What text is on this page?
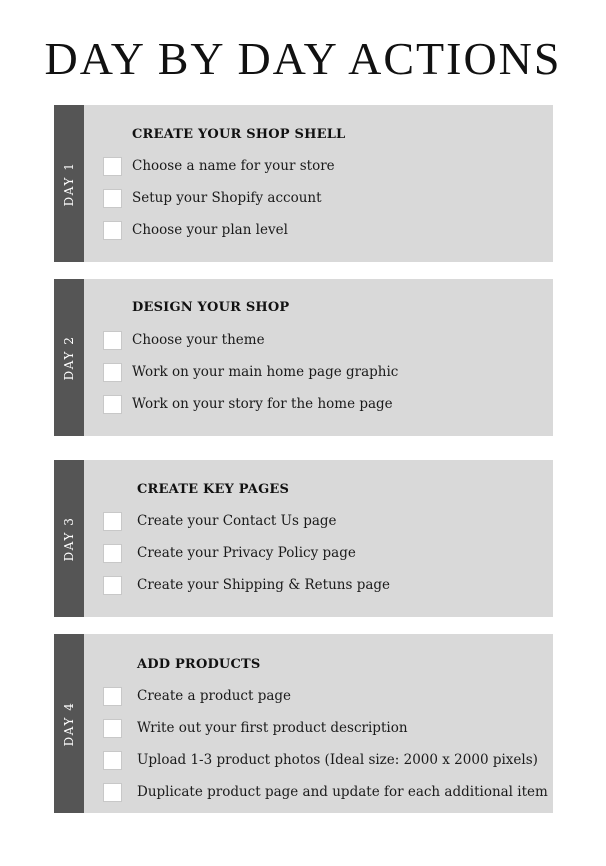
DAY BY DAY ACTIONS
DAY 1
CREATE YOUR SHOP SHELL
Choose a name for your store
Setup your Shopify account
Choose your plan level
DAY 2
DESIGN YOUR SHOP
Choose your theme
Work on your main home page graphic
Work on your story for the home page
DAY 3
CREATE KEY PAGES
Create your Contact Us page
Create your Privacy Policy page
Create your Shipping & Retuns page
DAY 4
ADD PRODUCTS
Create a product page
Write out your first product description
Upload 1-3 product photos (Ideal size: 2000 x 2000 pixels)
Duplicate product page and update for each additional item
